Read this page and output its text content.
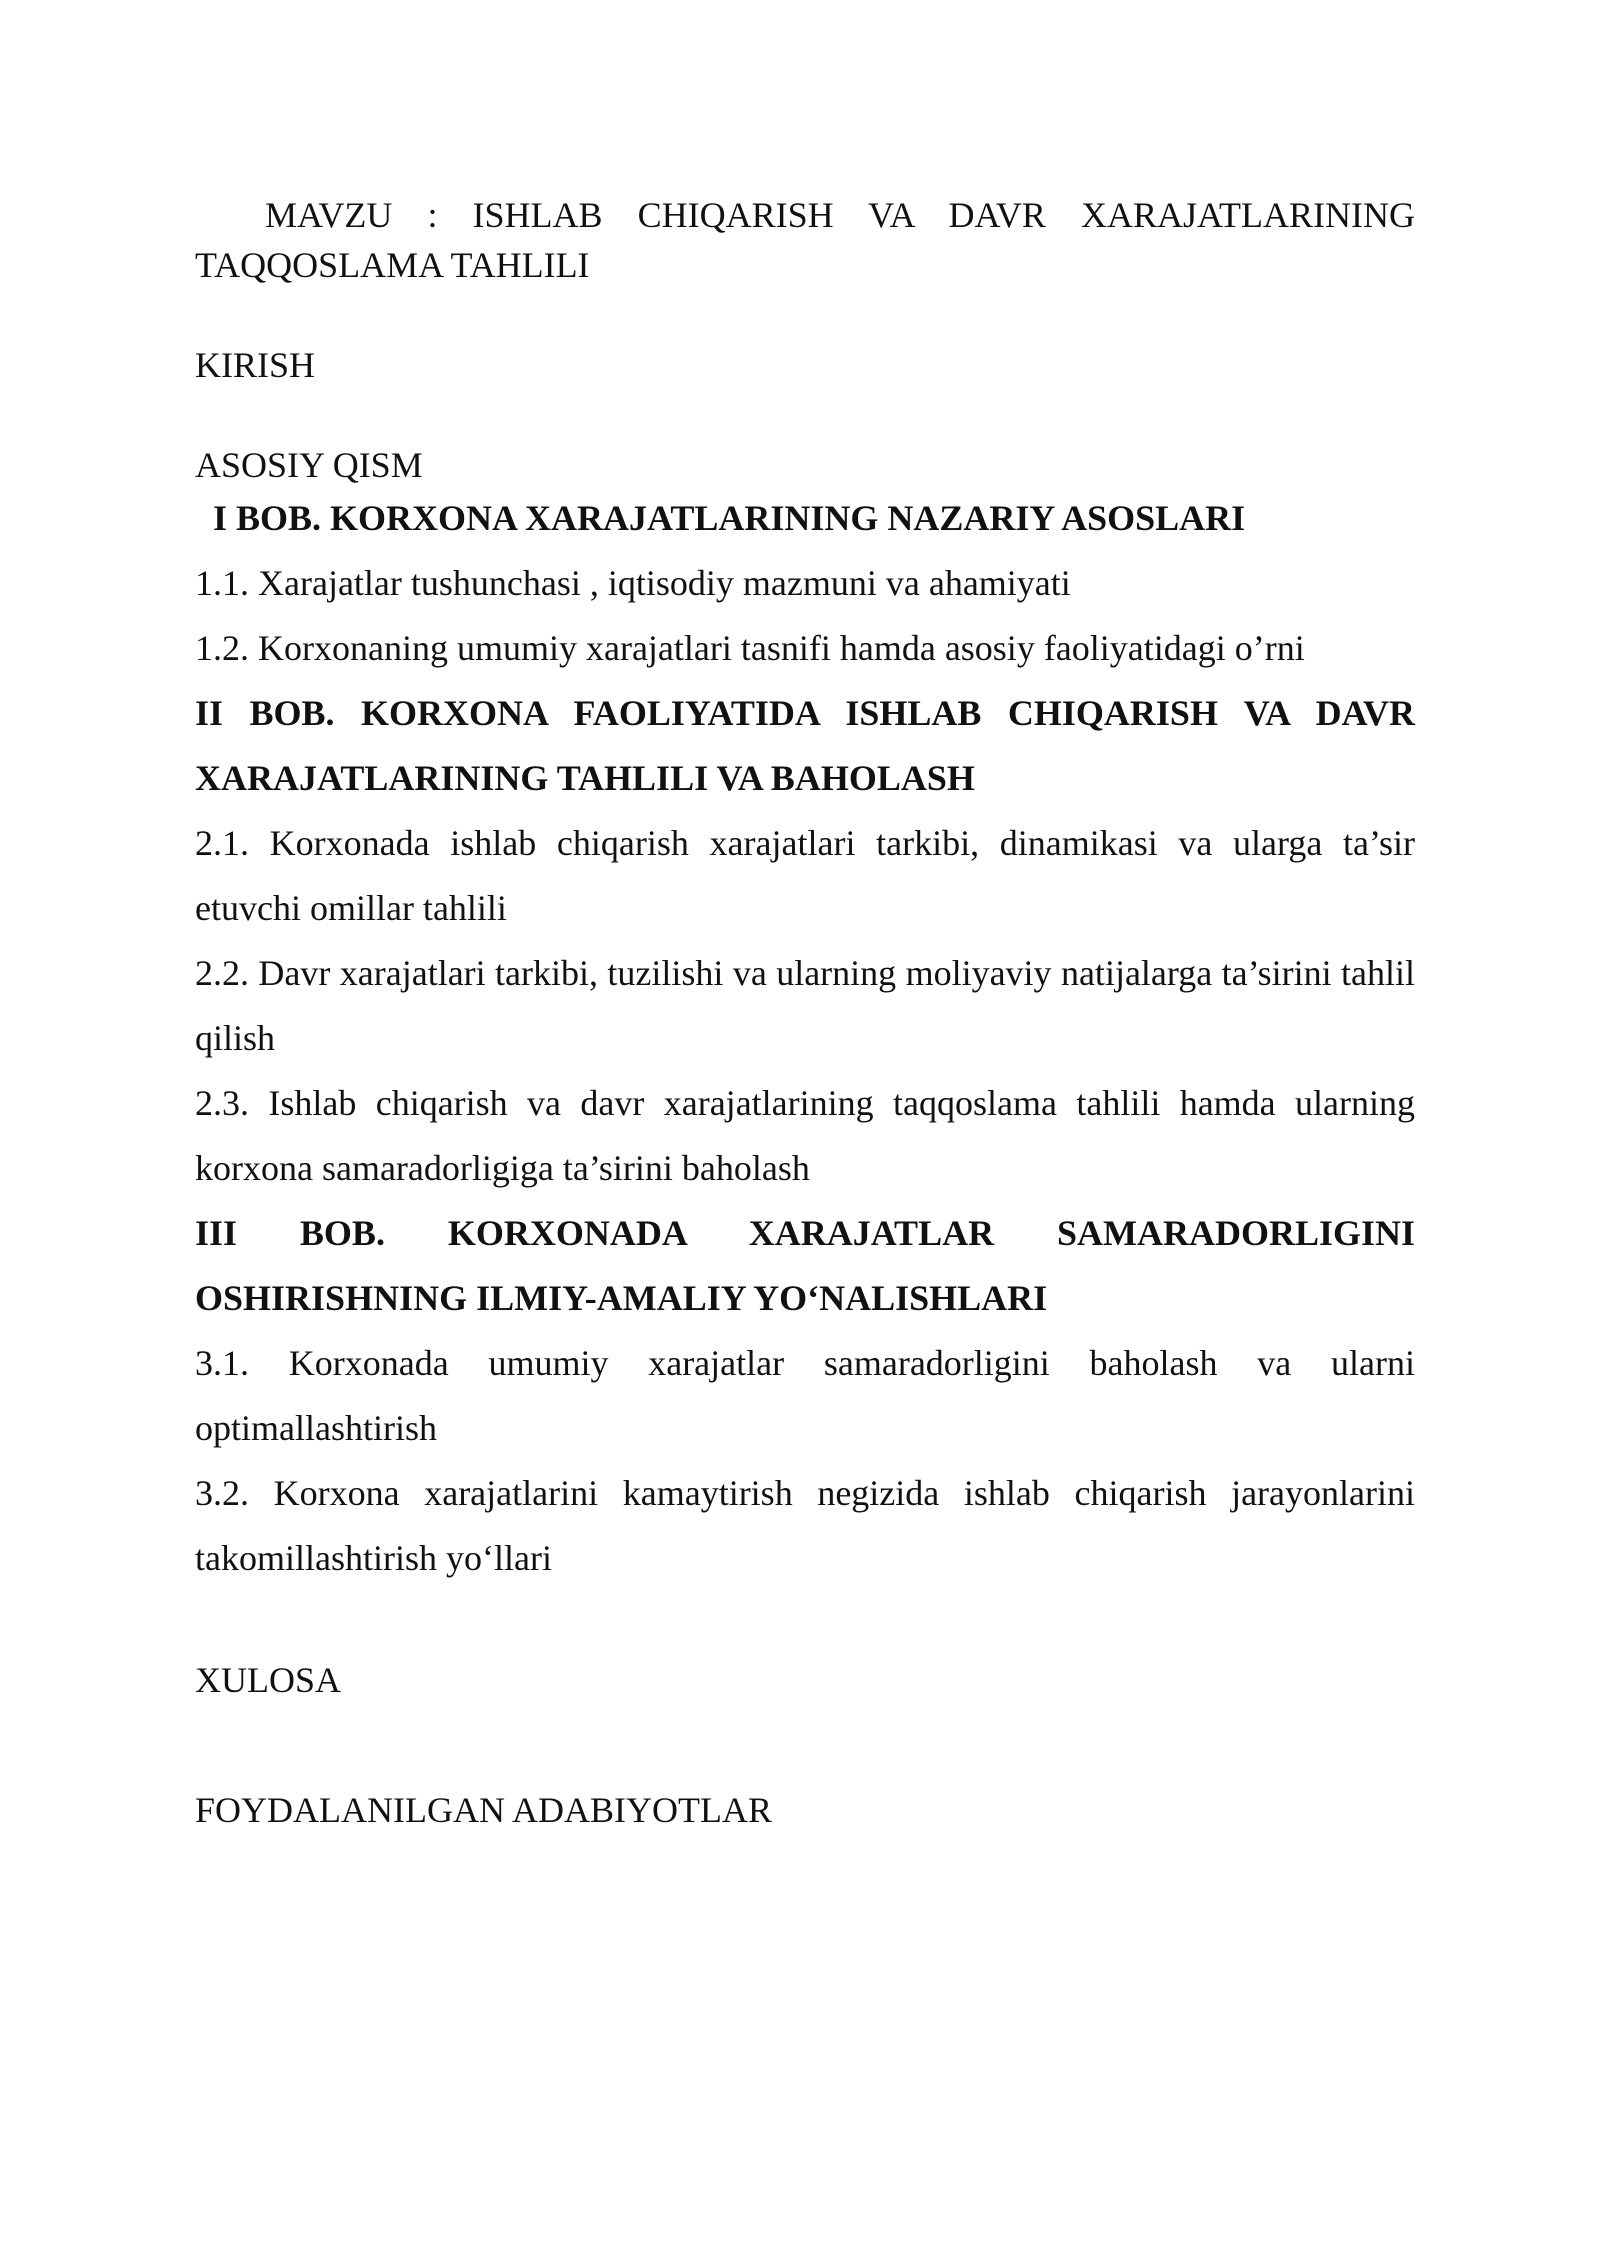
MAVZU : ISHLAB CHIQARISH VA DAVR XARAJATLARINING TAQQOSLAMA TAHLILI

KIRISH

ASOSIY QISM

I BOB. KORXONA XARAJATLARINING NAZARIY ASOSLARI

1.1. Xarajatlar tushunchasi , iqtisodiy mazmuni va ahamiyati

1.2. Korxonaning umumiy xarajatlari tasnifi hamda asosiy faoliyatidagi o’rni

II BOB. KORXONA FAOLIYATIDA ISHLAB CHIQARISH VA DAVR XARAJATLARINING TAHLILI VA BAHOLASH

2.1. Korxonada ishlab chiqarish xarajatlari tarkibi, dinamikasi va ularga ta’sir etuvchi omillar tahlili

2.2. Davr xarajatlari tarkibi, tuzilishi va ularning moliyaviy natijalarga ta’sirini tahlil qilish

2.3. Ishlab chiqarish va davr xarajatlarining taqqoslama tahlili hamda ularning korxona samaradorligiga ta’sirini baholash

III BOB. KORXONADA XARAJATLAR SAMARADORLIGINI OSHIRISHNING ILMIY-AMALIY YO‘NALISHLARI

3.1. Korxonada umumiy xarajatlar samaradorligini baholash va ularni optimallashtirish

3.2. Korxona xarajatlarini kamaytirish negizida ishlab chiqarish jarayonlarini takomillashtirish yo‘llari

XULOSA

FOYDALANILGAN ADABIYOTLAR
